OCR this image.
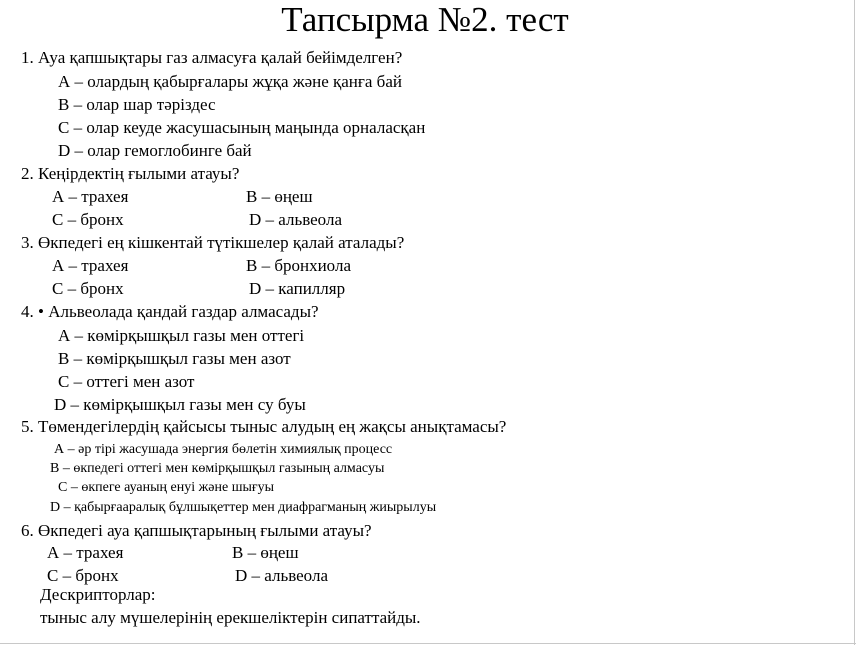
Тапсырма №2. тест
1. Ауа қапшықтары газ алмасуға қалай бейімделген?
А – олардың қабырғалары жұқа және қанға бай
В – олар шар тәріздес
С – олар кеуде жасушасының маңында орналасқан
D – олар гемоглобинге бай
2. Кеңірдектің ғылыми атауы?
А – трахея	В – өңеш
С – бронх	D – альвеола
3. Өкпедегі ең кішкентай түтікшелер қалай аталады?
А – трахея	В – бронхиола
С – бронх	D – капилляр
4. • Альвеолада қандай газдар алмасады?
А – көмірқышқыл газы мен оттегі
В – көмірқышқыл газы мен азот
С – оттегі мен азот
D – көмірқышқыл газы мен су буы
5. Төмендегілердің қайсысы тыныс алудың ең жақсы анықтамасы?
А – әр тірі жасушада энергия бөлетін химиялық процесс
В – өкпедегі оттегі мен көмірқышқыл газының алмасуы
С – өкпеге ауаның енуі және шығуы
D – қабырғааралық бұлшықеттер мен диафрагманың жиырылуы
6. Өкпедегі ауа қапшықтарының ғылыми атауы?
А – трахея	В – өңеш
С – бронх	D – альвеола
Дескрипторлар:
тыныс алу мүшелерінің ерекшеліктерін сипаттайды.
